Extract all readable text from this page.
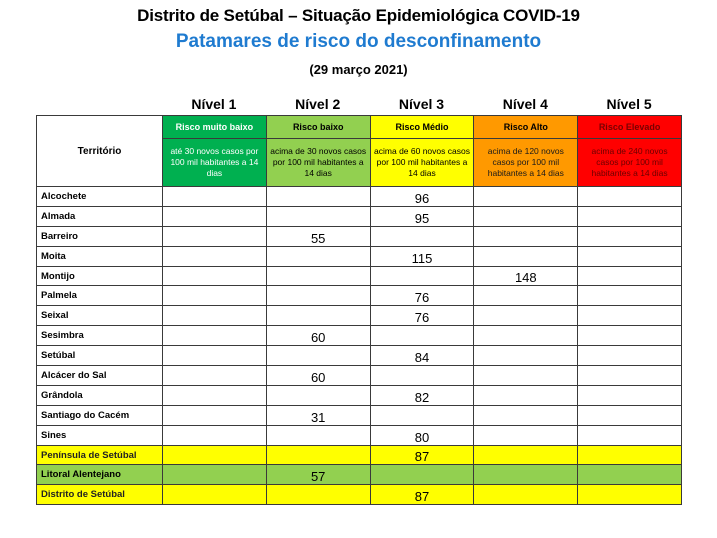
Distrito de Setúbal – Situação Epidemiológica COVID-19
Patamares de risco do desconfinamento
(29 março 2021)
Nível 1	Nível 2	Nível 3	Nível 4	Nível 5
Território	Risco muito baixo	Risco baixo	Risco Médio	Risco Alto	Risco Elevado
	até 30 novos casos por 100 mil habitantes a 14 dias	acima de 30 novos casos por 100 mil habitantes a 14 dias	acima de 60 novos casos por 100 mil habitantes a 14 dias	acima de 120 novos casos por 100 mil habitantes a 14 dias	acima de 240 novos casos por 100 mil habitantes a 14 dias
Alcochete			96		
Almada			95		
Barreiro		55			
Moita			115		
Montijo				148	
Palmela			76		
Seixal			76		
Sesimbra		60			
Setúbal			84		
Alcácer do Sal		60			
Grândola			82		
Santiago do Cacém		31			
Sines			80		
Península de Setúbal			87		
Litoral Alentejano		57			
Distrito de Setúbal			87		
